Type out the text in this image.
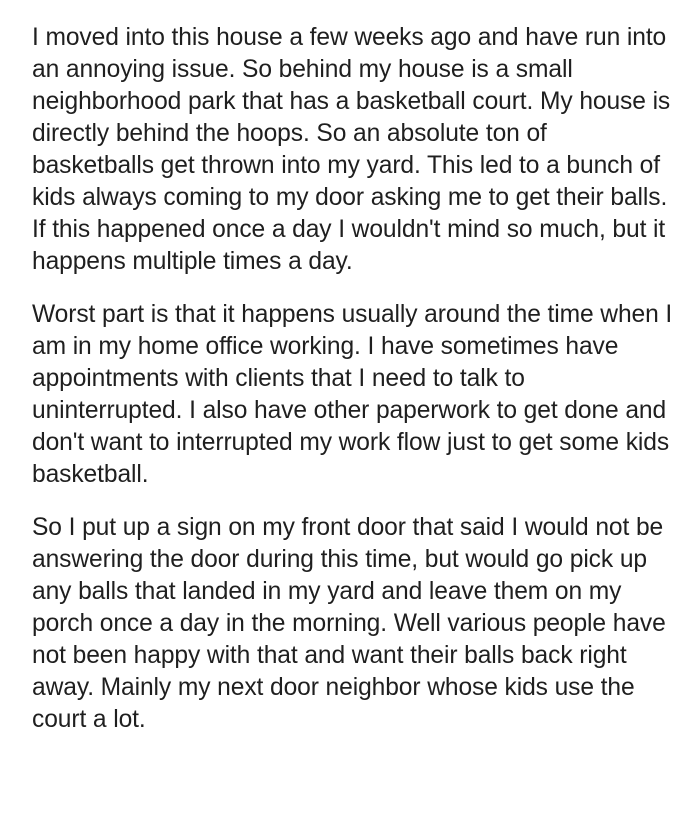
I moved into this house a few weeks ago and have run into an annoying issue. So behind my house is a small neighborhood park that has a basketball court. My house is directly behind the hoops. So an absolute ton of basketballs get thrown into my yard. This led to a bunch of kids always coming to my door asking me to get their balls. If this happened once a day I wouldn't mind so much, but it happens multiple times a day.

Worst part is that it happens usually around the time when I am in my home office working. I have sometimes have appointments with clients that I need to talk to uninterrupted. I also have other paperwork to get done and don't want to interrupted my work flow just to get some kids basketball.

So I put up a sign on my front door that said I would not be answering the door during this time, but would go pick up any balls that landed in my yard and leave them on my porch once a day in the morning. Well various people have not been happy with that and want their balls back right away. Mainly my next door neighbor whose kids use the court a lot.
